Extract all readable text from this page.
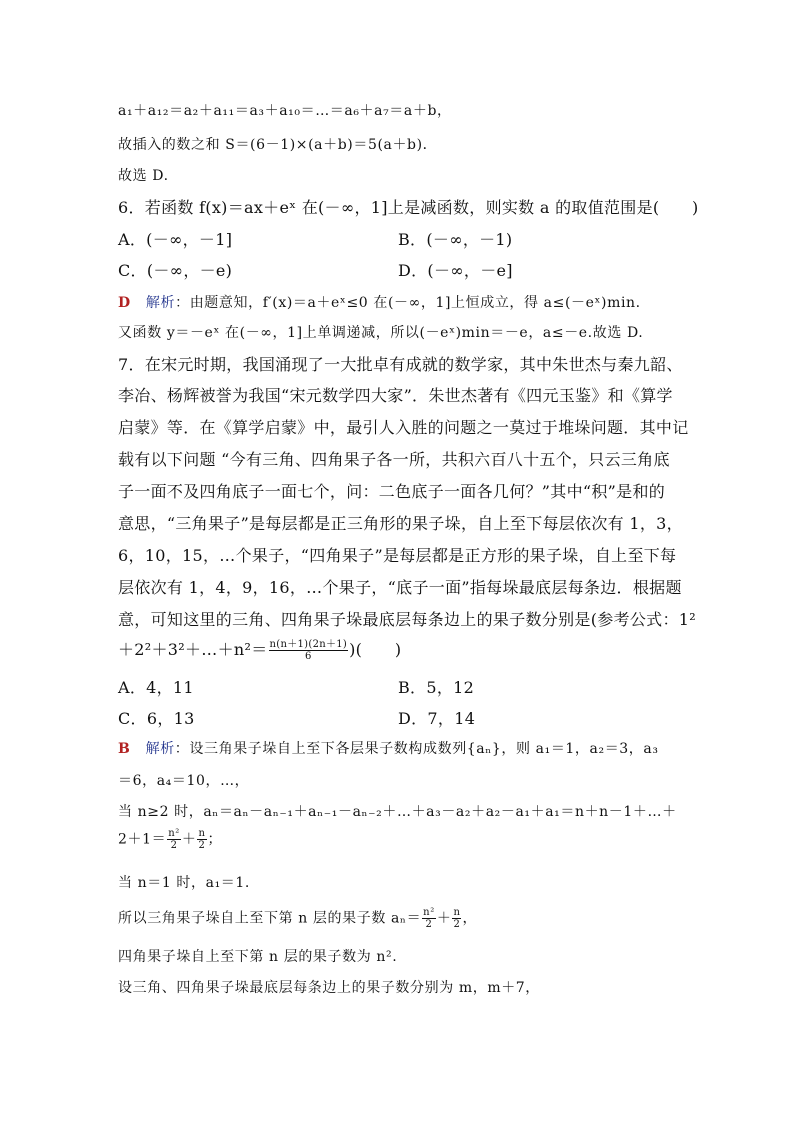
a₁＋a₁₂＝a₂＋a₁₁＝a₃＋a₁₀＝…＝a₆＋a₇＝a＋b，
故插入的数之和 S＝(6－1)×(a＋b)＝5(a＋b)．
故选 D.
6．若函数 f(x)＝ax＋eˣ 在(－∞，1]上是减函数，则实数 a 的取值范围是(　　)
A．(－∞，－1]	B．(－∞，－1)
C．(－∞，－e)	D．(－∞，－e]
D 解析：由题意知，f′(x)＝a＋eˣ≤0 在(－∞，1]上恒成立，得 a≤(－eˣ)min.
又函数 y＝－eˣ 在(－∞，1]上单调递减，所以(－eˣ)min＝－e，a≤－e.故选 D.
7．在宋元时期，我国涌现了一大批卓有成就的数学家，其中朱世杰与秦九韶、
李冶、杨辉被誉为我国“宋元数学四大家”．朱世杰著有《四元玉鉴》和《算学
启蒙》等．在《算学启蒙》中，最引人入胜的问题之一莫过于堆垛问题．其中记
载有以下问题 “今有三角、四角果子各一所，共积六百八十五个，只云三角底
子一面不及四角底子一面七个，问：二色底子一面各几何？”其中“积”是和的
意思，“三角果子”是每层都是正三角形的果子垛，自上至下每层依次有 1，3，
6，10，15，…个果子，“四角果子”是每层都是正方形的果子垛，自上至下每
层依次有 1，4，9，16，…个果子，“底子一面”指每垛最底层每条边．根据题
意，可知这里的三角、四角果子垛最底层每条边上的果子数分别是(参考公式：1²
＋2²＋3²＋…＋n²＝ $\frac{n(n+1)(2n+1)}{6}$ )(　　)
A．4，11	B．5，12
C．6，13	D．7，14
B 解析：设三角果子垛自上至下各层果子数构成数列{aₙ}，则 a₁＝1，a₂＝3，a₃
＝6，a₄＝10，…，
当 n≥2 时，aₙ＝aₙ－aₙ₋₁＋aₙ₋₁－aₙ₋₂＋…＋a₃－a₂＋a₂－a₁＋a₁＝n＋n－1＋…＋
$2+1= \frac{\text{n²}}{2} + \frac{n}{2}$ ；
当 n＝1 时，a₁＝1.
所以三角果子垛自上至下第 n 层的果子数 $a_n= \frac{\text{n²}}{2} + \frac{n}{2}$ ，
四角果子垛自上至下第 n 层的果子数为 n².
设三角、四角果子垛最底层每条边上的果子数分别为 m，m＋7，
